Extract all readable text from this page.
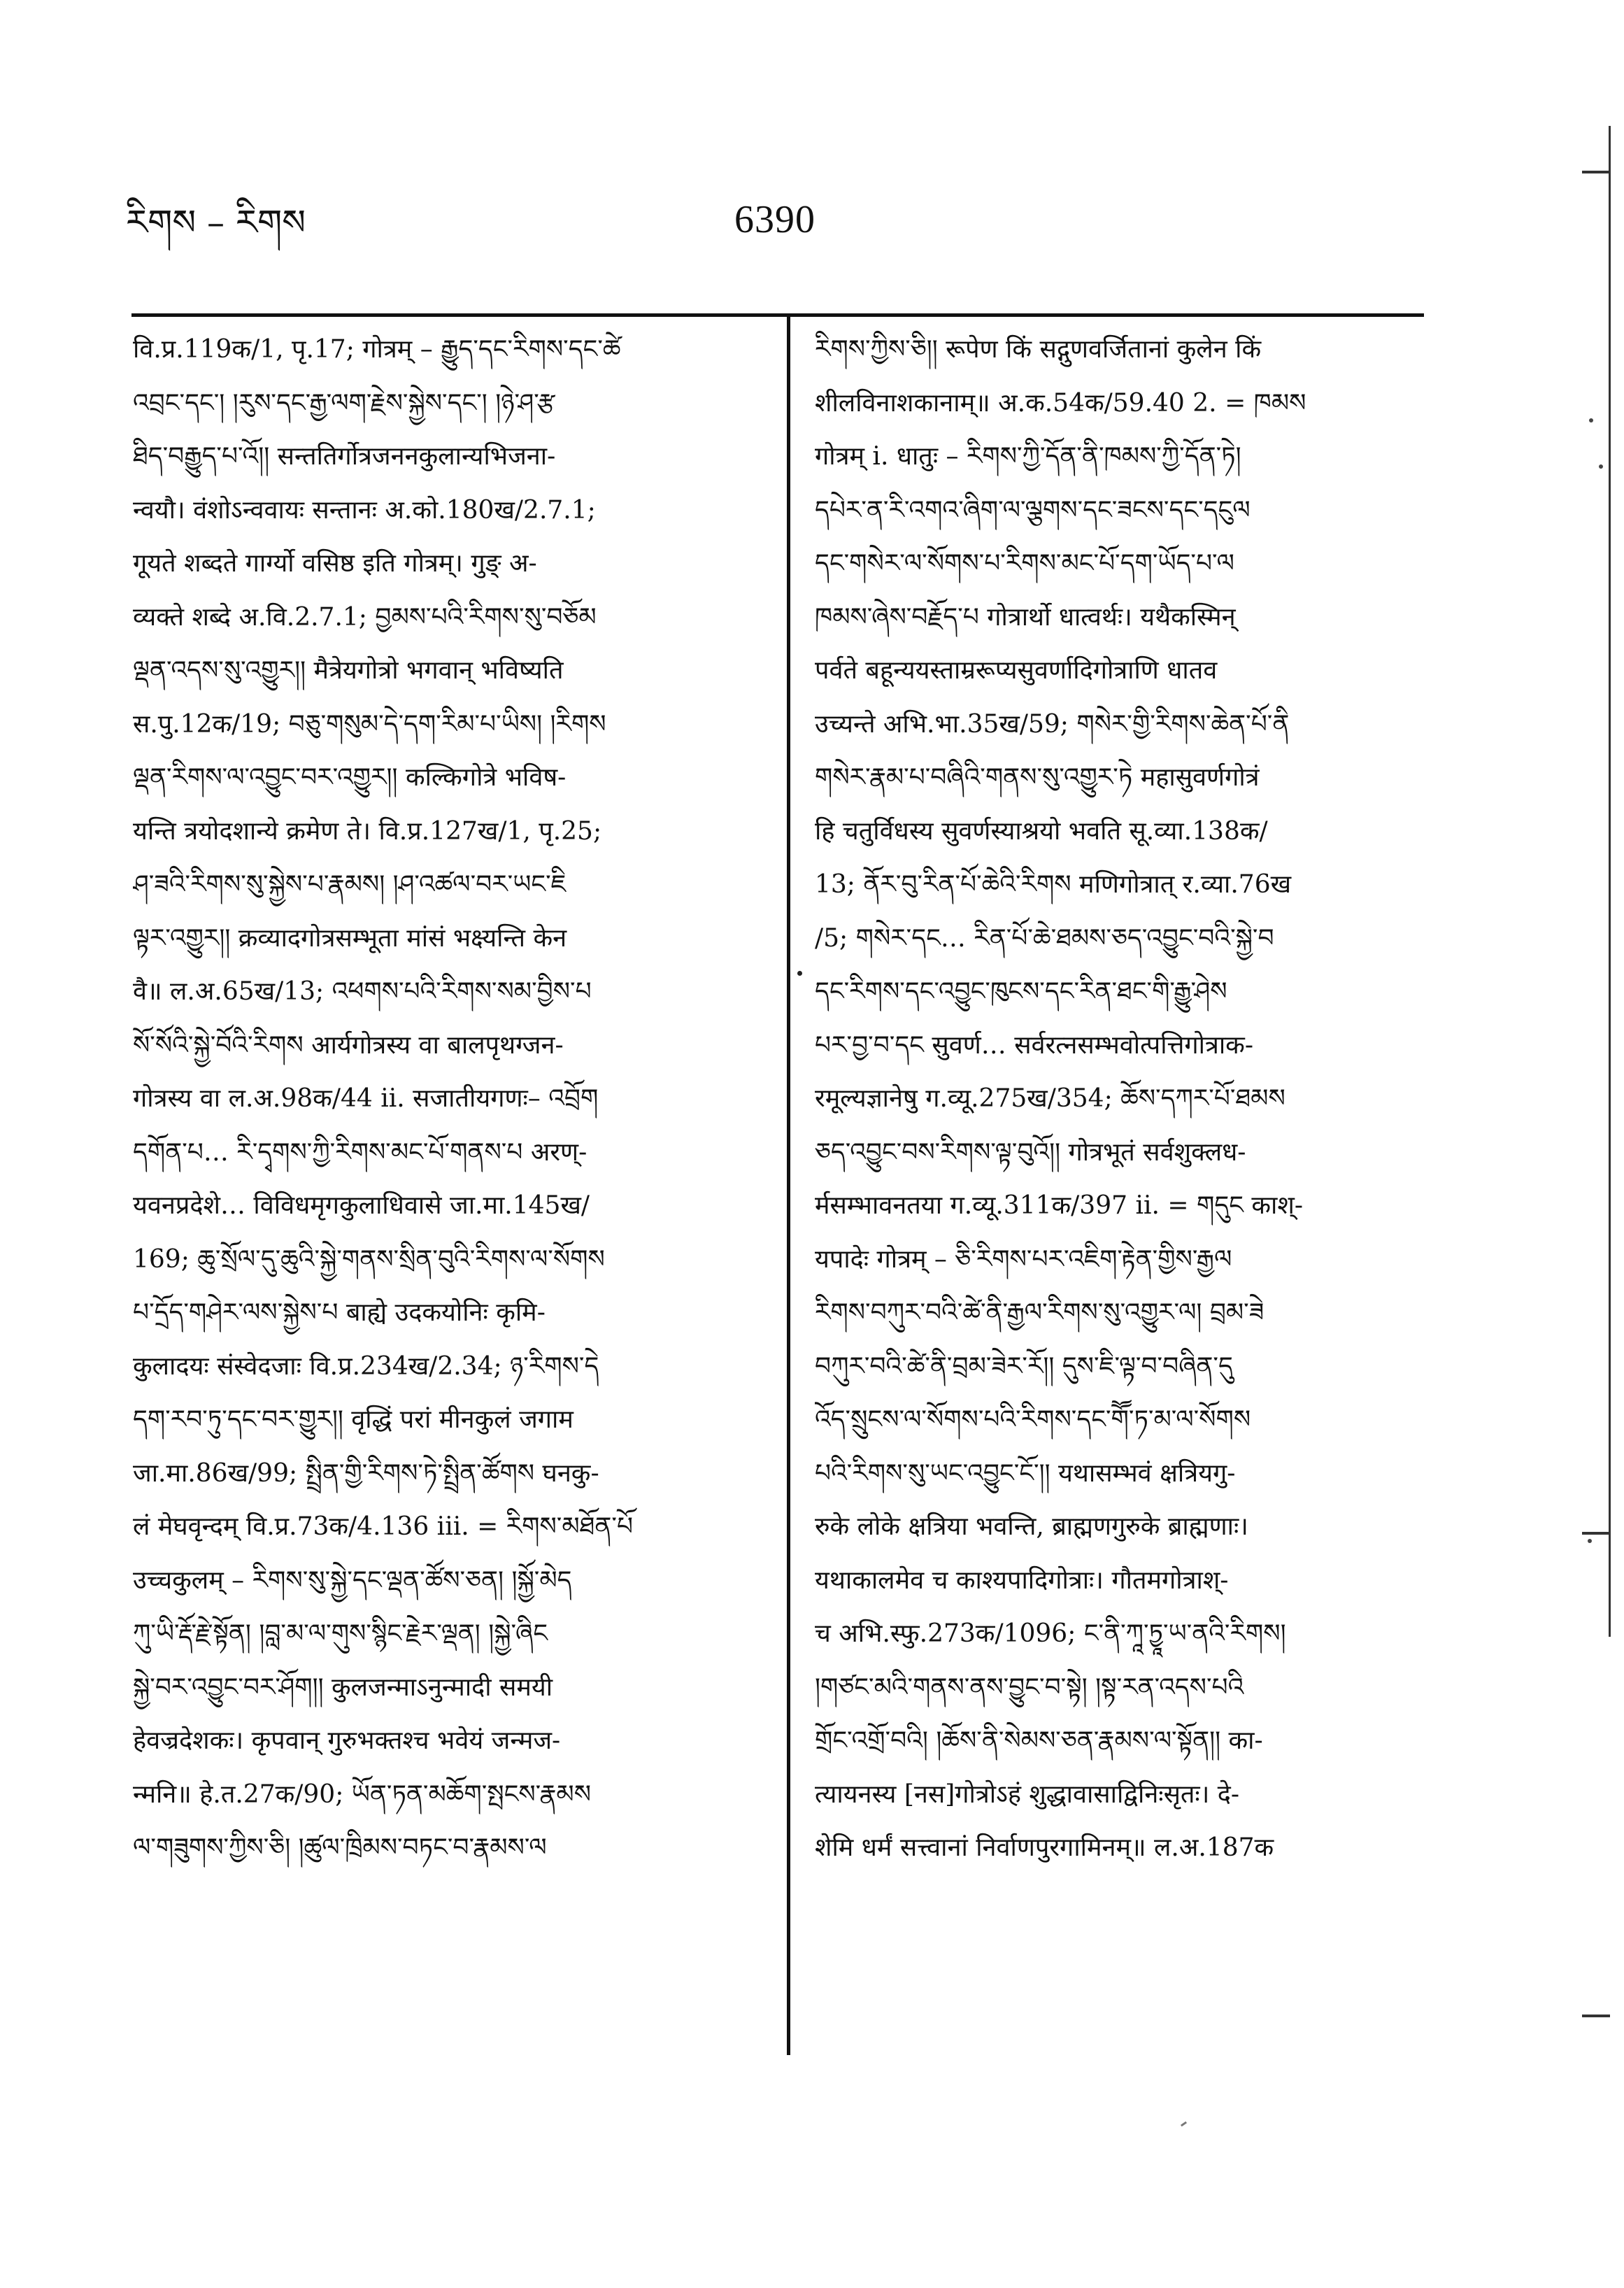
རིགས – རིགས	6390
वि.प्र.119क/1, पृ.17; गोत्रम् – རྒྱུད་དང་རིགས་དང་ཚེ
འབྲང་དང་། །རུས་དང་རྒྱ་ལག་རྗེས་སྐྱེས་དང་། །ཉེ་ཤ་རྩ
ཐིད་བརྒྱུད་པ་འོ།། सन्ततिर्गोत्रजननकुलान्यभिजना-
न्वयौ। वंशोऽन्ववायः सन्तानः अ.को.180ख/2.7.1;
गूयते शब्दते गार्ग्यो वसिष्ठ इति गोत्रम्। गुङ् अ-
व्यक्ते शब्दे अ.वि.2.7.1; བྱམས་པའི་རིགས་སུ་བཅོམ
ལྡན་འདས་སུ་འགྱུར།། मैत्रेयगोत्रो भगवान् भविष्यति
स.पु.12क/19; བཅུ་གསུམ་དེ་དག་རིམ་པ་ཡིས། །རིགས
ལྡན་རིགས་ལ་འབྱུང་བར་འགྱུར།། कल्किगोत्रे भविष-
यन्ति त्रयोदशान्ये क्रमेण ते। वि.प्र.127ख/1, पृ.25;
ཤ་ཟའི་རིགས་སུ་སྐྱེས་པ་རྣམས། །ཤ་འཚལ་བར་ཡང་ཇི
ལྟར་འགྱུར།། क्रव्यादगोत्रसम्भूता मांसं भक्ष्यन्ति केन
वै॥ ल.अ.65ख/13; འཕགས་པའི་རིགས་སམ་བྱིས་པ
སོ་སོའི་སྐྱེ་བོའི་རིགས आर्यगोत्रस्य वा बालपृथग्जन-
गोत्रस्य वा ल.अ.98क/44 ii. सजातीयगणः– འབྲོག
དགོན་པ… རི་དྭགས་ཀྱི་རིགས་མང་པོ་གནས་པ अरण्-
यवनप्रदेशे… विविधमृगकुलाधिवासे जा.मा.145ख/
169; ཆུ་སྲོལ་དུ་ཆུའི་སྐྱེ་གནས་སྲིན་བུའི་རིགས་ལ་སོགས
པ་དྲོད་གཤེར་ལས་སྐྱེས་པ बाह्ये उदकयोनिः कृमि-
कुलादयः संस्वेदजाः वि.प्र.234ख/2.34; ཉ་རིགས་དེ
དག་རབ་ཏུ་དང་བར་གྱུར།། वृद्धिं परां मीनकुलं जगाम
जा.मा.86ख/99; སྤྲིན་གྱི་རིགས་ཏེ་སྤྲིན་ཚོགས घनकु-
लं मेघवृन्दम् वि.प्र.73क/4.136 iii. = རིགས་མཐོན་པོ
उच्चकुलम् – རིགས་སུ་སྐྱེ་དང་ལྡན་ཚོས་ཅན། །སྐྱོ་མེད
ཀུ་ཡི་རྡོ་རྗེ་སྟོན། །བླ་མ་ལ་གུས་སྙིང་རྗེར་ལྡན། །སྐྱེ་ཞིང
སྐྱེ་བར་འབྱུང་བར་ཤོག།། कुलजन्माऽनुन्मादी समयी
हेवज्रदेशकः। कृपवान् गुरुभक्तश्च भवेयं जन्मज-
न्मनि॥ हे.त.27क/90; ཡོན་ཏན་མཆོག་སྤངས་རྣམས
ལ་གཟུགས་ཀྱིས་ཅི། །ཚུལ་ཁྲིམས་བཏང་བ་རྣམས་ལ
རིགས་ཀྱིས་ཅི།། रूपेण किं सद्गुणवर्जितानां कुलेन किं
शीलविनाशकानाम्॥ अ.क.54क/59.40 2. = ཁམས
गोत्रम् i. धातुः – རིགས་ཀྱི་དོན་ནི་ཁམས་ཀྱི་དོན་ཏེ།
དཔེར་ན་རི་འགའ་ཞིག་ལ་ལྕགས་དང་ཟངས་དང་དངུལ
དང་གསེར་ལ་སོགས་པ་རིགས་མང་པོ་དག་ཡོད་པ་ལ
ཁམས་ཞེས་བརྗོད་པ गोत्रार्थो धात्वर्थः। यथैकस्मिन्
पर्वते बहून्ययस्ताम्ररूप्यसुवर्णादिगोत्राणि धातव
उच्यन्ते अभि.भा.35ख/59; གསེར་གྱི་རིགས་ཆེན་པོ་ནི
གསེར་རྣམ་པ་བཞིའི་གནས་སུ་འགྱུར་ཏེ महासुवर्णगोत्रं
हि चतुर्विधस्य सुवर्णस्याश्रयो भवति सू.व्या.138क/
13; ནོར་བུ་རིན་པོ་ཆེའི་རིགས मणिगोत्रात् र.व्या.76ख
/5; གསེར་དང… རིན་པོ་ཆེ་ཐམས་ཅད་འབྱུང་བའི་སྐྱེ་བ
དང་རིགས་དང་འབྱུང་ཁུངས་དང་རིན་ཐང་གི་རྒྱུ་ཤེས
པར་བྱ་བ་དང सुवर्ण… सर्वरत्नसम्भवोत्पत्तिगोत्राक-
रमूल्यज्ञानेषु ग.व्यू.275ख/354; ཆོས་དཀར་པོ་ཐམས
ཅད་འབྱུང་བས་རིགས་ལྟ་བུའོ།། गोत्रभूतं सर्वशुक्लध-
र्मसम्भावनतया ग.व्यू.311क/397 ii. = གདུང काश्-
यपादेः गोत्रम् – ཅི་རིགས་པར་འཇིག་རྟེན་གྱིས་རྒྱལ
རིགས་བཀུར་བའི་ཚེ་ནི་རྒྱལ་རིགས་སུ་འགྱུར་ལ། བྲམ་ཟེ
བཀུར་བའི་ཚེ་ནི་བྲམ་ཟེར་རོ།། དུས་ཇི་ལྟ་བ་བཞིན་དུ
འོད་སྲུངས་ལ་སོགས་པའི་རིགས་དང་གཽ་ཏ་མ་ལ་སོགས
པའི་རིགས་སུ་ཡང་འབྱུང་ངོ་།། यथासम्भवं क्षत्रियगु-
रुके लोके क्षत्रिया भवन्ति, ब्राह्मणगुरुके ब्राह्मणाः।
यथाकालमेव च काश्यपादिगोत्राः। गौतमगोत्राश्-
च अभि.स्फु.273क/1096; ང་ནི་ཀཱ་ཏྱཱ་ཡ་ནའི་རིགས།
།གཙང་མའི་གནས་ནས་བྱུང་བ་སྟེ། །སྟ་རན་འདས་པའི
གྲོང་འགྲོ་བའི། །ཆོས་ནི་སེམས་ཅན་རྣམས་ལ་སྟོན།། का-
त्यायनस्य [नस]गोत्रोऽहं शुद्धावासाद्विनिःसृतः। दे-
शेमि धर्मं सत्त्वानां निर्वाणपुरगामिनम्॥ ल.अ.187क
